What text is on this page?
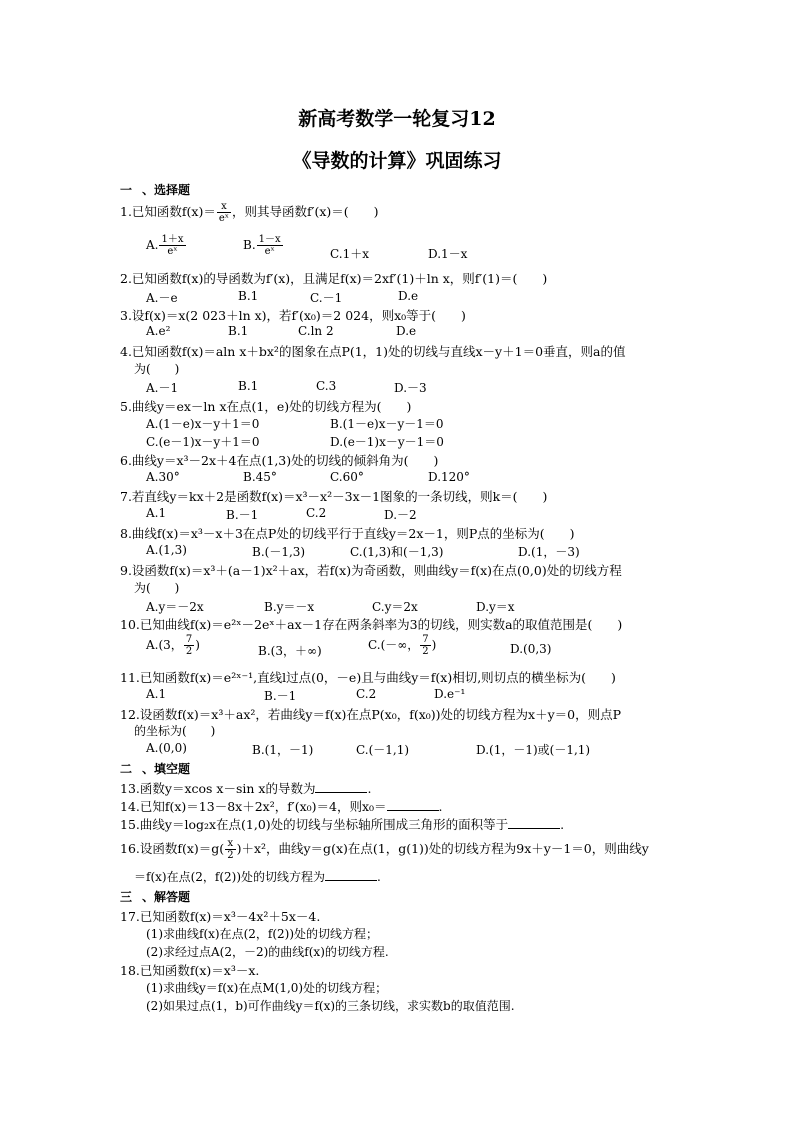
新高考数学一轮复习12
《导数的计算》巩固练习
一 、选择题
1.已知函数$f(x)= \frac{x}{\text{eˣ}}$ ，则其导函数f′(x)＝(　　)
A. $\frac{1+x}{\text{eˣ}}$	B. $\frac{1-x}{\text{eˣ}}$	C.1＋x	D.1－x
2.已知函数f(x)的导函数为f′(x)，且满足f(x)＝2xf′(1)＋ln x，则f′(1)＝(　　)
A.－e	B.1	C.－1	D.e
3.设f(x)＝x(2 023＋ln x)，若f′(x₀)＝2 024，则x₀等于(　　)
A.e²	B.1	C.ln 2	D.e
4.已知函数f(x)＝aln x＋bx²的图象在点P(1，1)处的切线与直线x－y＋1＝0垂直，则a的值
为(　　)
A.－1	B.1	C.3	D.－3
5.曲线y＝ex－ln x在点(1，e)处的切线方程为(　　)
A.(1－e)x－y＋1＝0	B.(1－e)x－y－1＝0
C.(e－1)x－y＋1＝0	D.(e－1)x－y－1＝0
6.曲线y＝x³－2x＋4在点(1,3)处的切线的倾斜角为(　　)
A.30°	B.45°	C.60°	D.120°
7.若直线y＝kx＋2是函数f(x)＝x³－x²－3x－1图象的一条切线，则k＝(　　)
A.1	B.－1	C.2	D.－2
8.曲线f(x)＝x³－x＋3在点P处的切线平行于直线y＝2x－1，则P点的坐标为(　　)
A.(1,3)	B.(－1,3)	C.(1,3)和(－1,3)	D.(1，－3)
9.设函数f(x)＝x³＋(a－1)x²＋ax，若f(x)为奇函数，则曲线y＝f(x)在点(0,0)处的切线方程
为(　　)
A.y＝－2x	B.y＝－x	C.y＝2x	D.y＝x
10.已知曲线f(x)＝e²ˣ－2eˣ＋ax－1存在两条斜率为3的切线，则实数a的取值范围是(　　)
A.(3， $\frac{7}{2}$ )	B.(3，＋∞)	C.(－∞， $\frac{7}{2}$ )	D.(0,3)
11.已知函数f(x)＝e²ˣ⁻¹,直线l过点(0，－e)且与曲线y＝f(x)相切,则切点的横坐标为(　　)
A.1	B.－1	C.2	D.e⁻¹
12.设函数f(x)＝x³＋ax²，若曲线y＝f(x)在点P(x₀，f(x₀))处的切线方程为x＋y＝0，则点P
的坐标为(　　)
A.(0,0)	B.(1，－1)	C.(－1,1)	D.(1，－1)或(－1,1)
二 、填空题
13.函数y＝xcos x－sin x的导数为	.
14.已知f(x)＝13－8x＋2x²，f′(x₀)＝4，则x₀＝	.
15.曲线y＝log₂x在点(1,0)处的切线与坐标轴所围成三角形的面积等于	.
16.设函数$f(x)=g( \frac{x}{2} )+x^2$，曲线y＝g(x)在点(1，g(1))处的切线方程为9x＋y－1＝0，则曲线y
＝f(x)在点(2，f(2))处的切线方程为	.
三 、解答题
17.已知函数f(x)＝x³－4x²＋5x－4.
(1)求曲线f(x)在点(2，f(2))处的切线方程；
(2)求经过点A(2，－2)的曲线f(x)的切线方程.
18.已知函数f(x)＝x³－x.
(1)求曲线y＝f(x)在点M(1,0)处的切线方程；
(2)如果过点(1，b)可作曲线y＝f(x)的三条切线，求实数b的取值范围.
